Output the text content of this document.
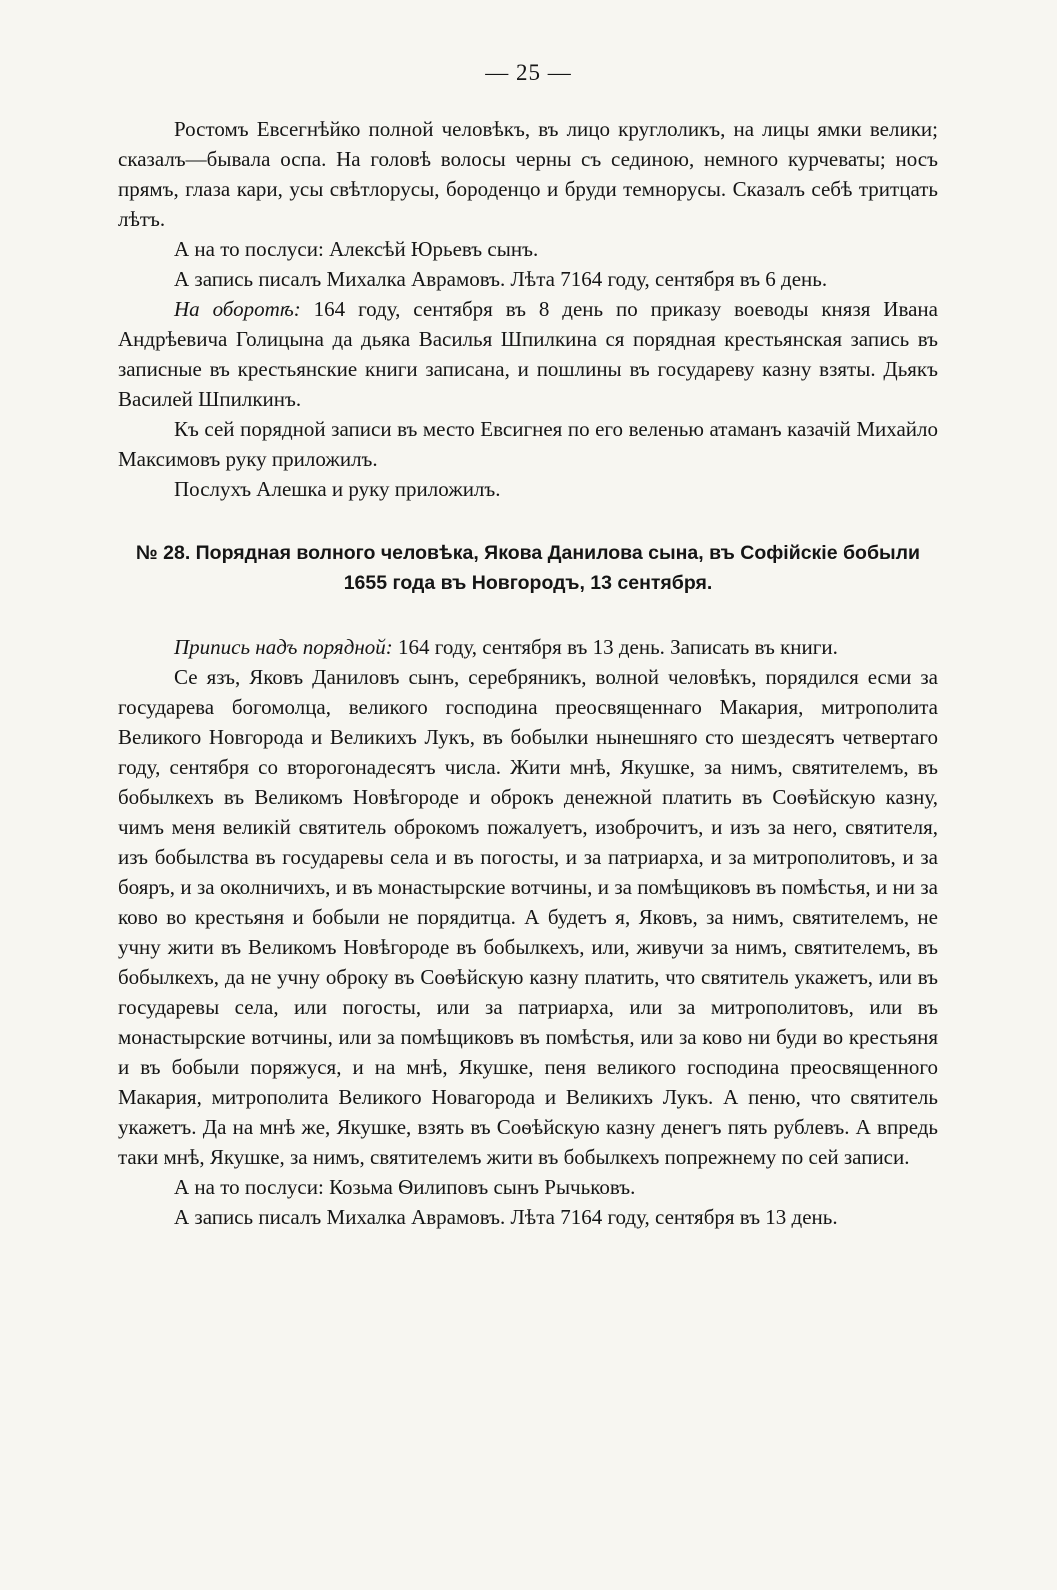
— 25 —

Ростомъ Евсегнѣйко полной человѣкъ, въ лицо круглоликъ, на лицы ямки велики; сказалъ—бывала оспа. На головѣ волосы черны съ сединою, немного курчеваты; носъ прямъ, глаза кари, усы свѣтлорусы, бороденцо и бруди темнорусы. Сказалъ себѣ тритцать лѣтъ.

А на то послуси: Алексѣй Юрьевъ сынъ.

А запись писалъ Михалка Аврамовъ. Лѣта 7164 году, сентября въ 6 день.

На оборотѣ: 164 году, сентября въ 8 день по приказу воеводы князя Ивана Андрѣевича Голицына да дьяка Василья Шпилкина ся порядная крестьянская запись въ записные въ крестьянские книги записана, и пошлины въ государеву казну взяты. Дьякъ Василей Шпилкинъ.

Къ сей порядной записи въ место Евсигнея по его веленью атаманъ казачій Михайло Максимовъ руку приложилъ.

Послухъ Алешка и руку приложилъ.

№ 28. Порядная волного человѣка, Якова Данилова сына, въ Софійскіе бобыли 1655 года въ Новгородъ, 13 сентября.

Припись надъ порядной: 164 году, сентября въ 13 день. Записать въ книги.

Се язъ, Яковъ Даниловъ сынъ, серебряникъ, волной человѣкъ, порядился есми за государева богомолца, великого господина преосвященнаго Макария, митрополита Великого Новгорода и Великихъ Лукъ, въ бобылки нынешняго сто шездесятъ четвертаго году, сентября со второгонадесятъ числа. Жити мнѣ, Якушке, за нимъ, святителемъ, въ бобылкехъ въ Великомъ Новѣгороде и оброкъ денежной платить въ Соѳѣйскую казну, чимъ меня великій святитель оброкомъ пожалуетъ, изоброчитъ, и изъ за него, святителя, изъ бобылства въ государевы села и въ погосты, и за патриарха, и за митрополитовъ, и за бояръ, и за околничихъ, и въ монастырские вотчины, и за помѣщиковъ въ помѣстья, и ни за ково во крестьяня и бобыли не порядитца. А будетъ я, Яковъ, за нимъ, святителемъ, не учну жити въ Великомъ Новѣгороде въ бобылкехъ, или, живучи за нимъ, святителемъ, въ бобылкехъ, да не учну оброку въ Соѳѣйскую казну платить, что святитель укажетъ, или въ государевы села, или погосты, или за патриарха, или за митрополитовъ, или въ монастырские вотчины, или за помѣщиковъ въ помѣстья, или за ково ни буди во крестьяня и въ бобыли поряжуся, и на мнѣ, Якушке, пеня великого господина преосвященного Макария, митрополита Великого Новагорода и Великихъ Лукъ. А пеню, что святитель укажетъ. Да на мнѣ же, Якушке, взять въ Соѳѣйскую казну денегъ пять рублевъ. А впредь таки мнѣ, Якушке, за нимъ, святителемъ жити въ бобылкехъ попрежнему по сей записи.

А на то послуси: Козьма Ѳилиповъ сынъ Рычьковъ.

А запись писалъ Михалка Аврамовъ. Лѣта 7164 году, сентября въ 13 день.
